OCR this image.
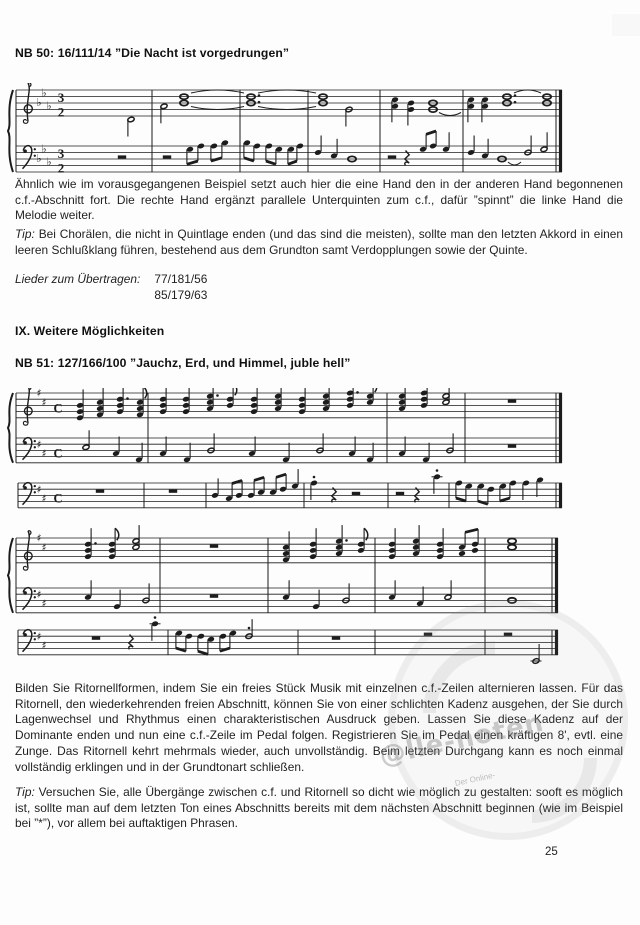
NB 50: 16/111/14 ”Die Nacht ist vorgedrungen”
♭
♭
♭
3
2
♭
♭
♭
3
2

Ähnlich wie im vorausgegangenen Beispiel setzt auch hier die eine Hand den in der anderen Hand begonnenen c.f.-Abschnitt fort. Die rechte Hand ergänzt parallele Unterquinten zum c.f., dafür ”spinnt” die linke Hand die Melodie weiter.

Tip: Bei Chorälen, die nicht in Quintlage enden (und das sind die meisten), sollte man den letzten Akkord in einen leeren Schlußklang führen, bestehend aus dem Grundton samt Verdopplungen sowie der Quinte.

Lieder zum Übertragen: 77/181/56
85/179/63
IX. Weitere Möglichkeiten
NB 51: 127/166/100 ”Jauchz, Erd, und Himmel, juble hell”
♯
♯ C
♯
♯ C
♯
♯ C
♯
♯
♯
♯
♯
♯

Bilden Sie Ritornellformen, indem Sie ein freies Stück Musik mit einzelnen c.f.-Zeilen alternieren lassen. Für das Ritornell, den wiederkehrenden freien Abschnitt, können Sie von einer schlichten Kadenz ausgehen, der Sie durch Lagenwechsel und Rhythmus einen charakteristischen Ausdruck geben. Lassen Sie diese Kadenz auf der Dominante enden und nun eine c.f.-Zeile im Pedal folgen. Registrieren Sie im Pedal einen kräftigen 8', evtl. eine Zunge. Das Ritornell kehrt mehrmals wieder, auch unvollständig. Beim letzten Durchgang kann es noch einmal vollständig erklingen und in der Grundtonart schließen.

Tip: Versuchen Sie, alle Übergänge zwischen c.f. und Ritornell so dicht wie möglich zu gestalten: sooft es möglich ist, sollte man auf dem letzten Ton eines Abschnitts bereits mit dem nächsten Abschnitt beginnen (wie im Beispiel bei ”*”), vor allem bei auftaktigen Phrasen.

25
@lle-noten
Der Online-
